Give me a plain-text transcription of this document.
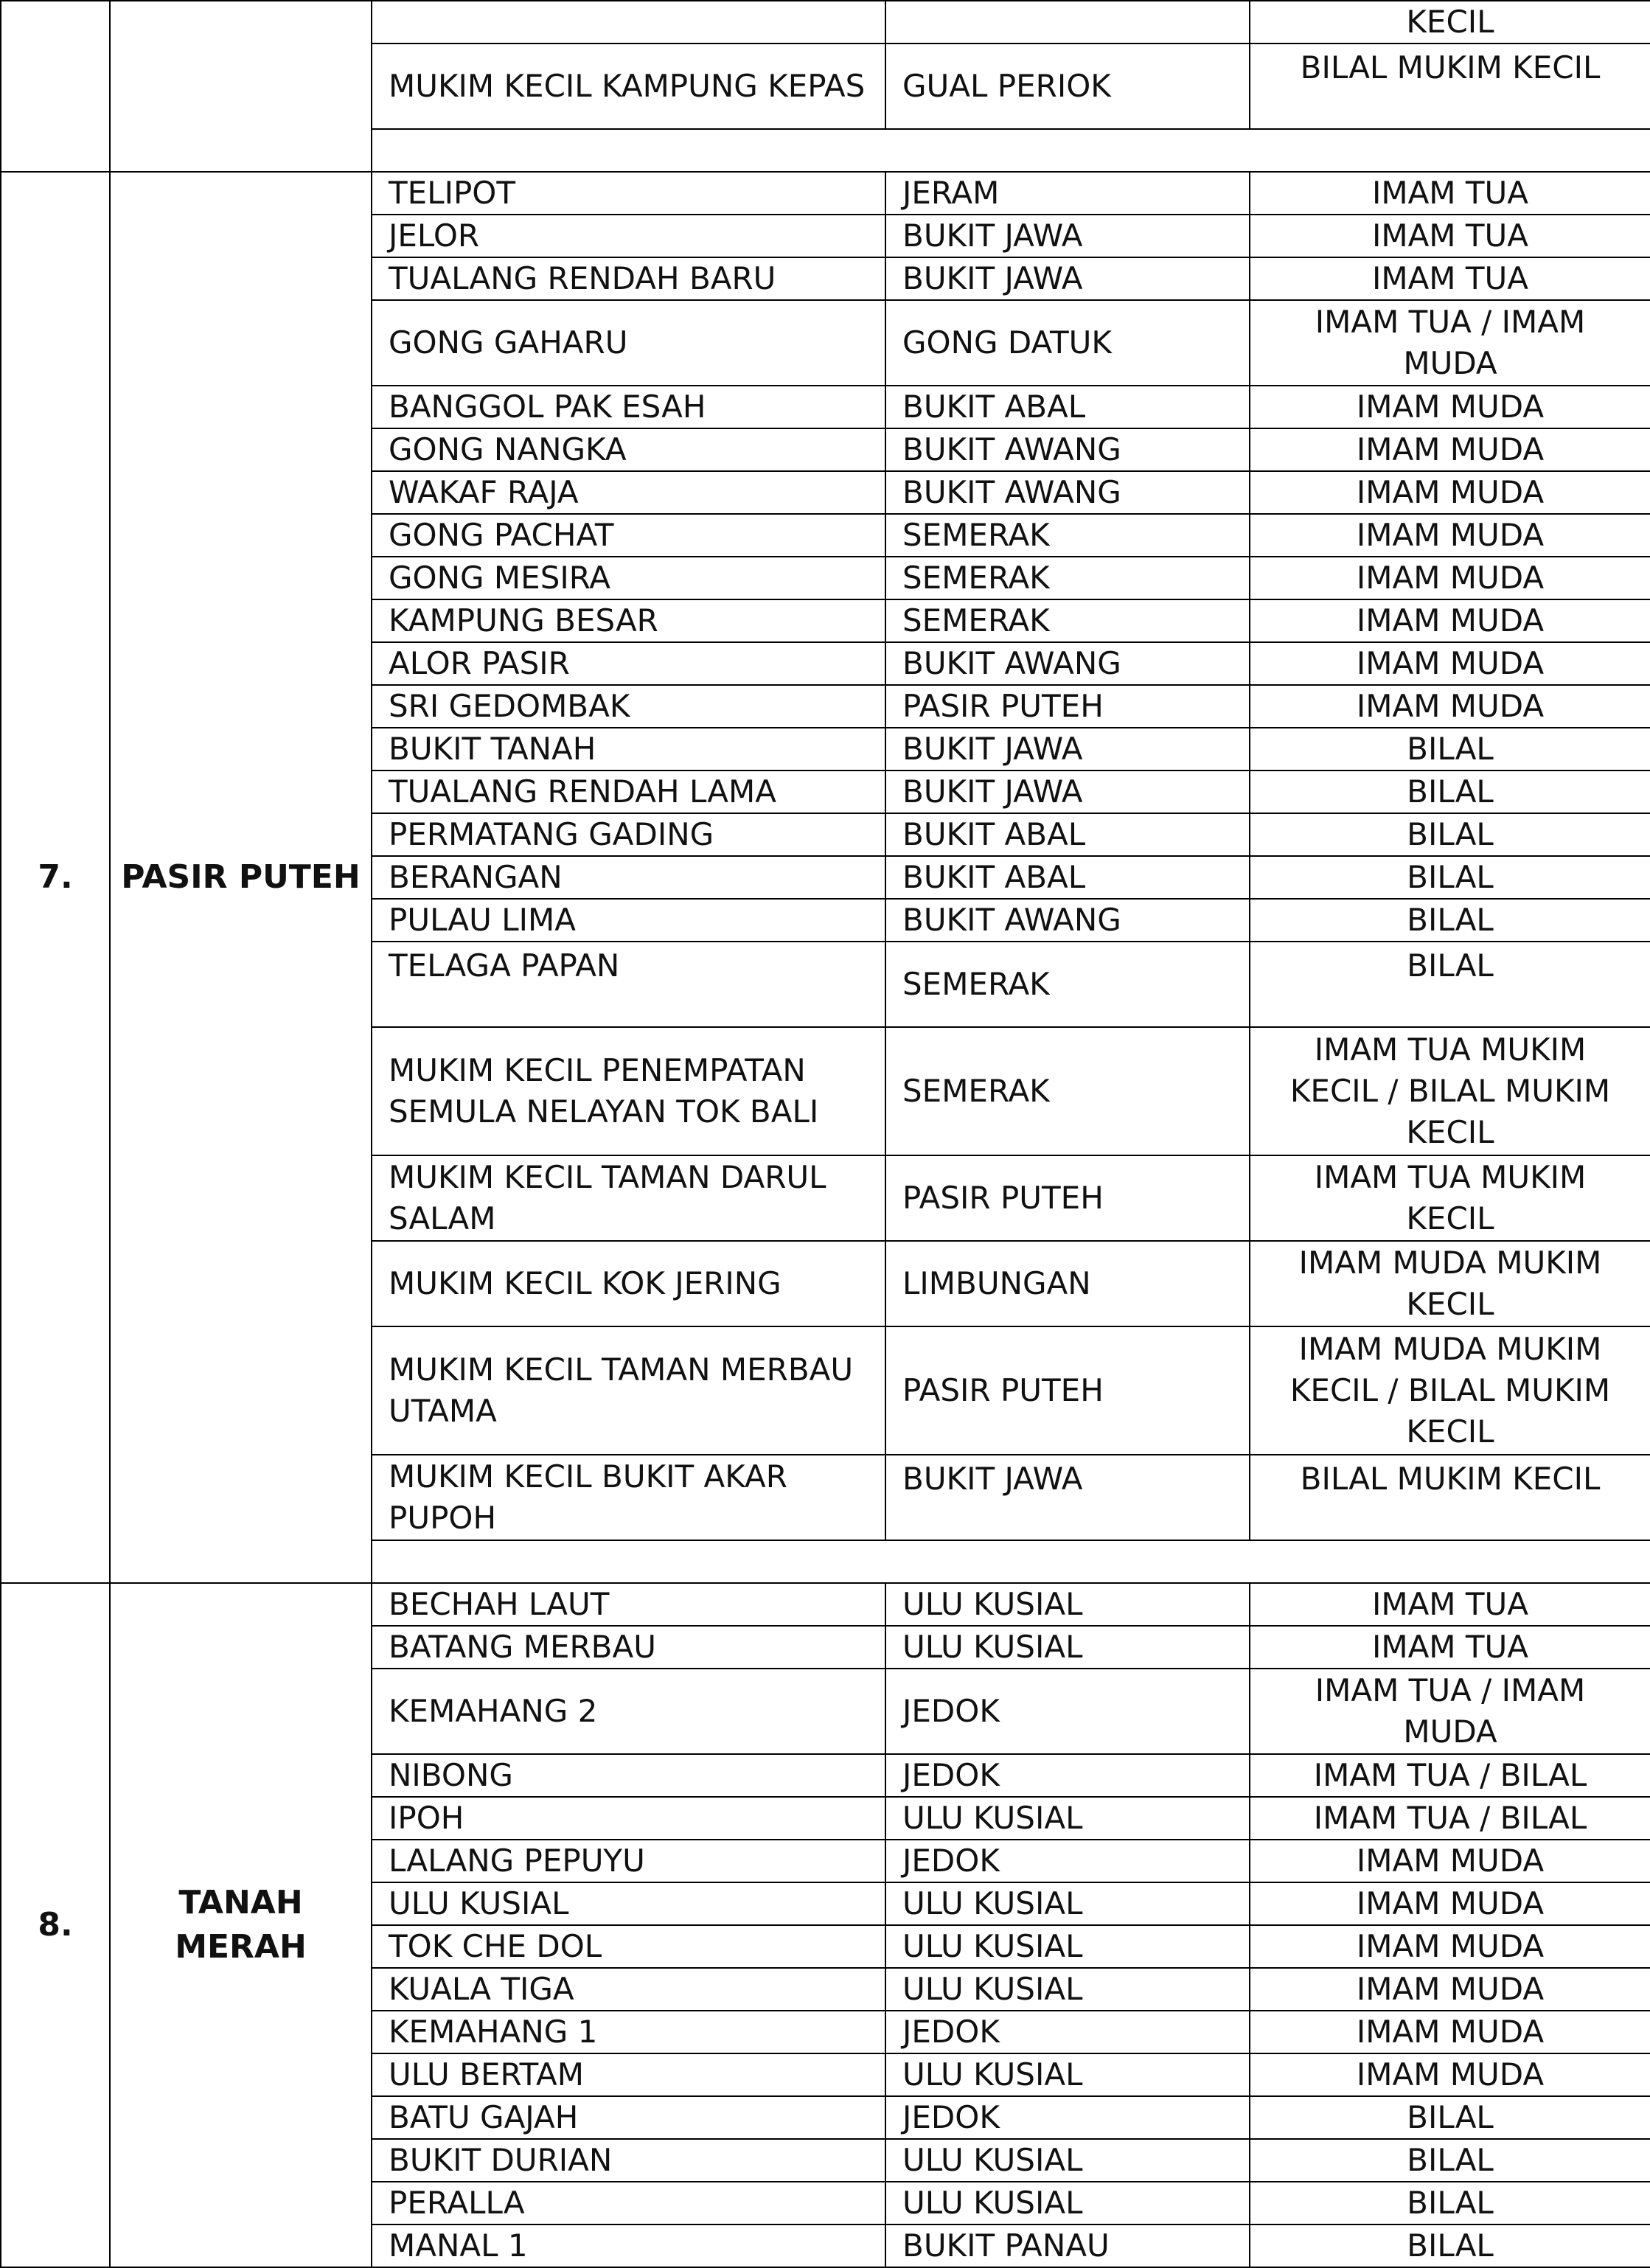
				KECIL
		MUKIM KECIL KAMPUNG KEPAS	GUAL PERIOK	BILAL MUKIM KECIL

7.	PASIR PUTEH	TELIPOT	JERAM	IMAM TUA
		JELOR	BUKIT JAWA	IMAM TUA
		TUALANG RENDAH BARU	BUKIT JAWA	IMAM TUA
		GONG GAHARU	GONG DATUK	IMAM TUA / IMAM MUDA
		BANGGOL PAK ESAH	BUKIT ABAL	IMAM MUDA
		GONG NANGKA	BUKIT AWANG	IMAM MUDA
		WAKAF RAJA	BUKIT AWANG	IMAM MUDA
		GONG PACHAT	SEMERAK	IMAM MUDA
		GONG MESIRA	SEMERAK	IMAM MUDA
		KAMPUNG BESAR	SEMERAK	IMAM MUDA
		ALOR PASIR	BUKIT AWANG	IMAM MUDA
		SRI GEDOMBAK	PASIR PUTEH	IMAM MUDA
		BUKIT TANAH	BUKIT JAWA	BILAL
		TUALANG RENDAH LAMA	BUKIT JAWA	BILAL
		PERMATANG GADING	BUKIT ABAL	BILAL
		BERANGAN	BUKIT ABAL	BILAL
		PULAU LIMA	BUKIT AWANG	BILAL
		TELAGA PAPAN	SEMERAK	BILAL
		MUKIM KECIL PENEMPATAN SEMULA NELAYAN TOK BALI	SEMERAK	IMAM TUA MUKIM KECIL / BILAL MUKIM KECIL
		MUKIM KECIL TAMAN DARUL SALAM	PASIR PUTEH	IMAM TUA MUKIM KECIL
		MUKIM KECIL KOK JERING	LIMBUNGAN	IMAM MUDA MUKIM KECIL
		MUKIM KECIL TAMAN MERBAU UTAMA	PASIR PUTEH	IMAM MUDA MUKIM KECIL / BILAL MUKIM KECIL
		MUKIM KECIL BUKIT AKAR PUPOH	BUKIT JAWA	BILAL MUKIM KECIL

8.	TANAH MERAH	BECHAH LAUT	ULU KUSIAL	IMAM TUA
		BATANG MERBAU	ULU KUSIAL	IMAM TUA
		KEMAHANG 2	JEDOK	IMAM TUA / IMAM MUDA
		NIBONG	JEDOK	IMAM TUA / BILAL
		IPOH	ULU KUSIAL	IMAM TUA / BILAL
		LALANG PEPUYU	JEDOK	IMAM MUDA
		ULU KUSIAL	ULU KUSIAL	IMAM MUDA
		TOK CHE DOL	ULU KUSIAL	IMAM MUDA
		KUALA TIGA	ULU KUSIAL	IMAM MUDA
		KEMAHANG 1	JEDOK	IMAM MUDA
		ULU BERTAM	ULU KUSIAL	IMAM MUDA
		BATU GAJAH	JEDOK	BILAL
		BUKIT DURIAN	ULU KUSIAL	BILAL
		PERALLA	ULU KUSIAL	BILAL
		MANAL 1	BUKIT PANAU	BILAL
